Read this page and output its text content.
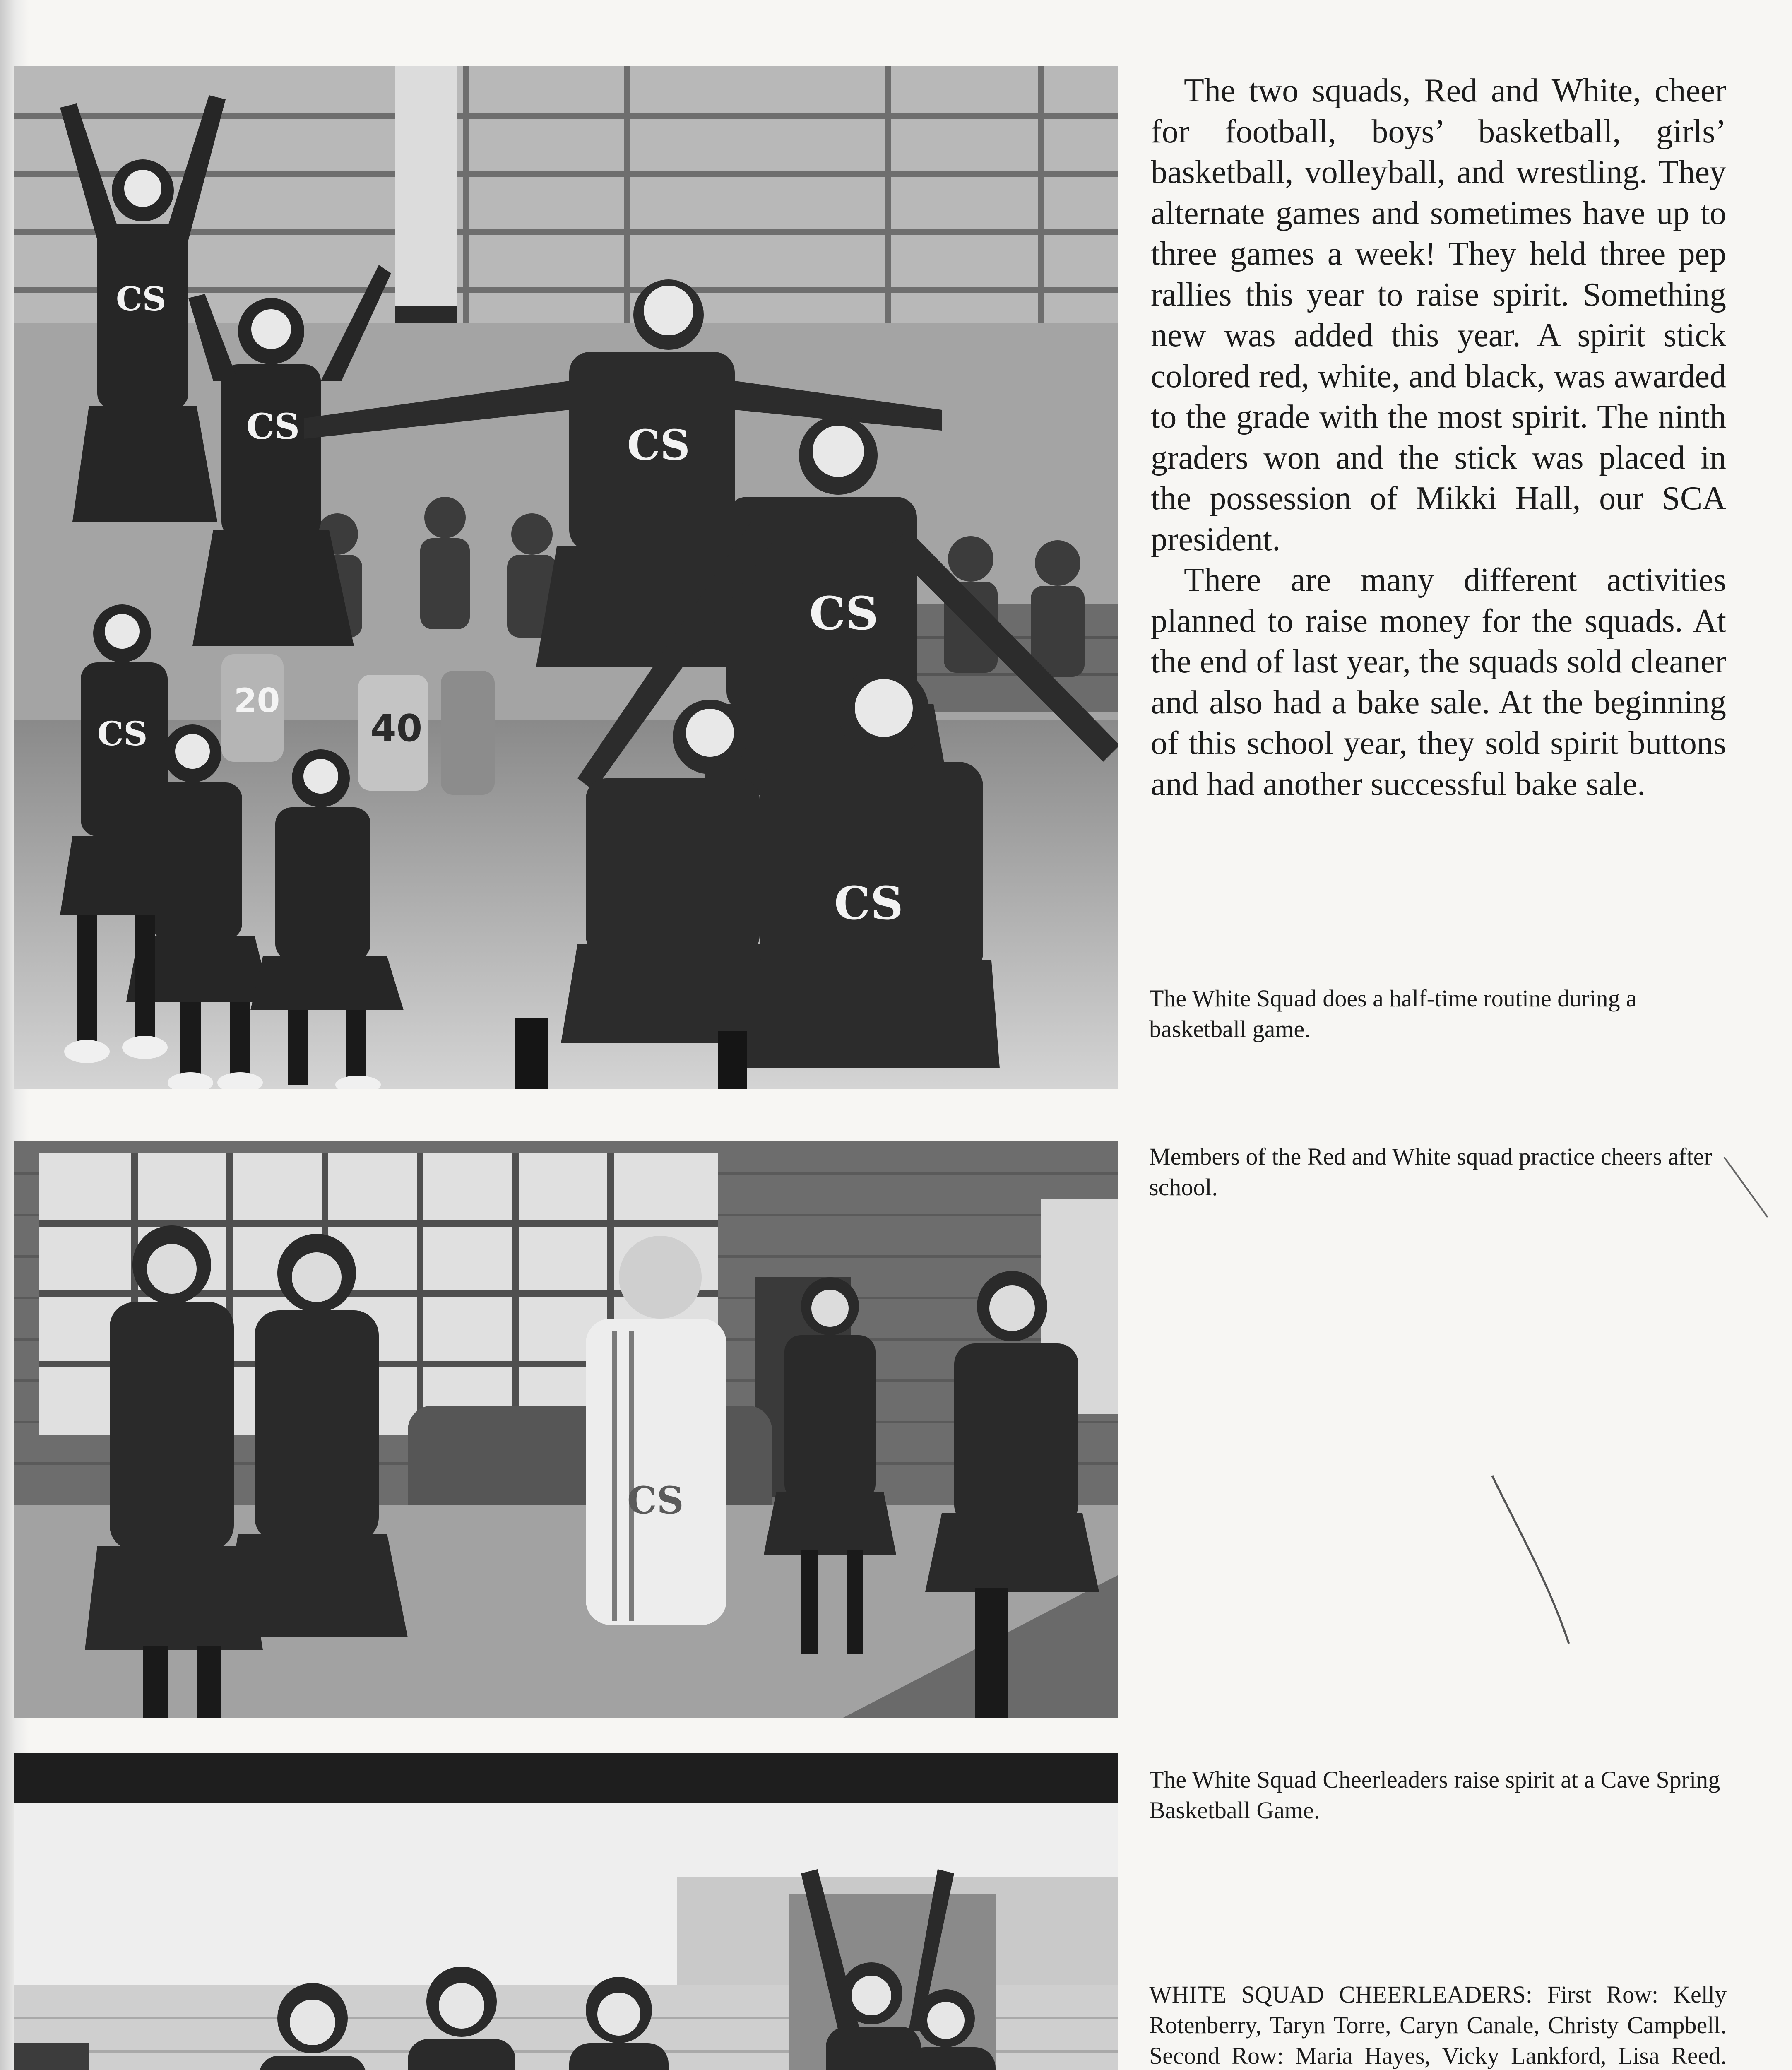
20
40
CS
CS	CS
CS
CS
CS
CS

The two squads, Red and White, cheer for football, boys’ basketball, girls’ basketball, volleyball, and wrestling. They alternate games and sometimes have up to three games a week! They held three pep rallies this year to raise spirit. Something new was added this year. A spirit stick colored red, white, and black, was awarded to the grade with the most spirit. The ninth graders won and the stick was placed in the possession of Mikki Hall, our SCA president.

There are many different activities planned to raise money for the squads. At the end of last year, the squads sold cleaner and also had a bake sale. At the beginning of this school year, they sold spirit buttons and had another successful bake sale.

The White Squad does a half-time routine during a basketball game.
Members of the Red and White squad practice cheers after school.
The White Squad Cheerleaders raise spirit at a Cave Spring Basketball Game.
WHITE SQUAD CHEERLEADERS: First Row: Kelly Rotenberry, Taryn Torre, Caryn Canale, Christy Campbell. Second Row: Maria Hayes, Vicky Lankford, Lisa Reed.
